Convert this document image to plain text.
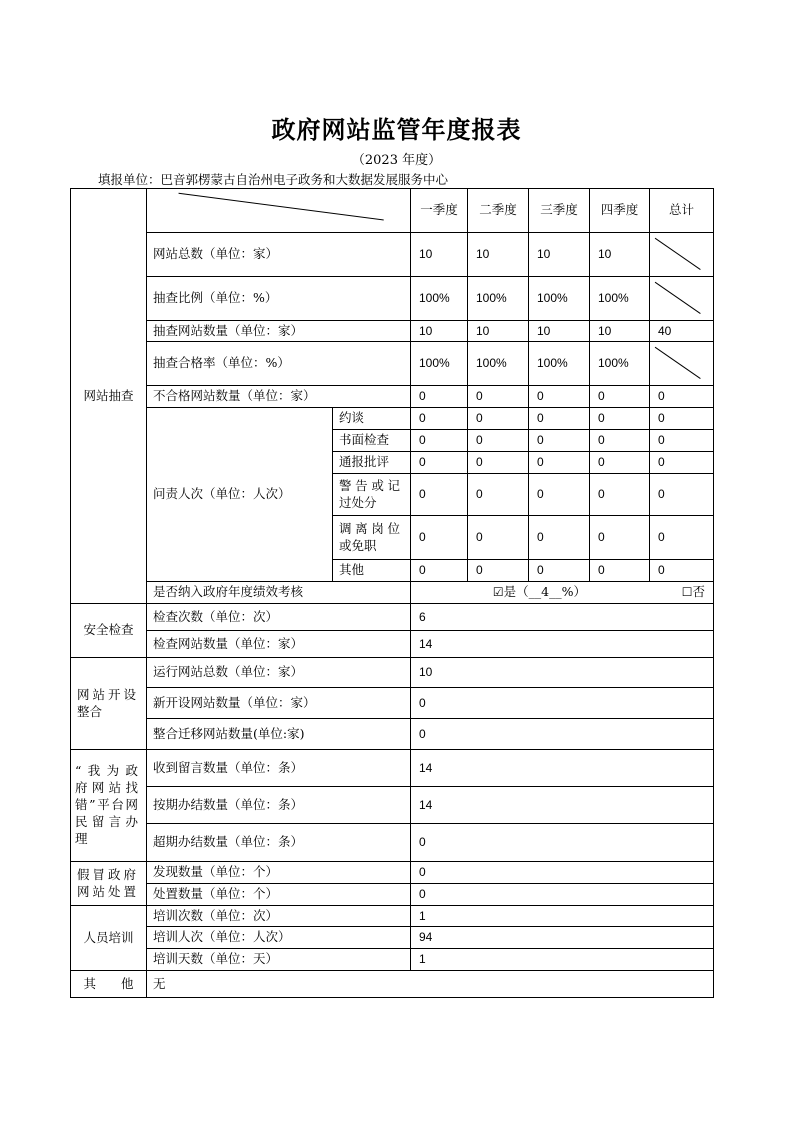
政府网站监管年度报表
（2023 年度）
填报单位：巴音郭楞蒙古自治州电子政务和大数据发展服务中心
网站抽查			一季度	二季度	三季度	四季度	总计
	网站总数（单位：家）		10	10	10	10	

	抽查比例（单位：%）		100%	100%	100%	100%	

	抽查网站数量（单位：家）		10	10	10	10	40
	抽查合格率（单位：%）		100%	100%	100%	100%	

	不合格网站数量（单位：家）		0	0	0	0	0
	问责人次（单位：人次）	约谈	0	0	0	0	0
		书面检查	0	0	0	0	0
		通报批评	0	0	0	0	0

		警告或记
过处分	0	0	0	0	0

		调离岗位
或免职	0	0	0	0	0
		其他	0	0	0	0	0
	是否纳入政府年度绩效考核		☑是（__4__%） ☐否				
安全检查	检查次数（单位：次）		6				
	检查网站数量（单位：家）		14				

网站开设
整合	运行网站总数（单位：家）		10				
	新开设网站数量（单位：家）		0				
	整合迁移网站数量(单位:家)		0				

“我为政
府网站找
错”平台网
民留言办
理	收到留言数量（单位：条）		14				
	按期办结数量（单位：条）		14				
	超期办结数量（单位：条）		0				

假冒政府
网站处置	发现数量（单位：个）		0				
	处置数量（单位：个）		0				
人员培训	培训次数（单位：次）		1				
	培训人次（单位：人次）		94				
	培训天数（单位：天）		1				
其　　他	无						
